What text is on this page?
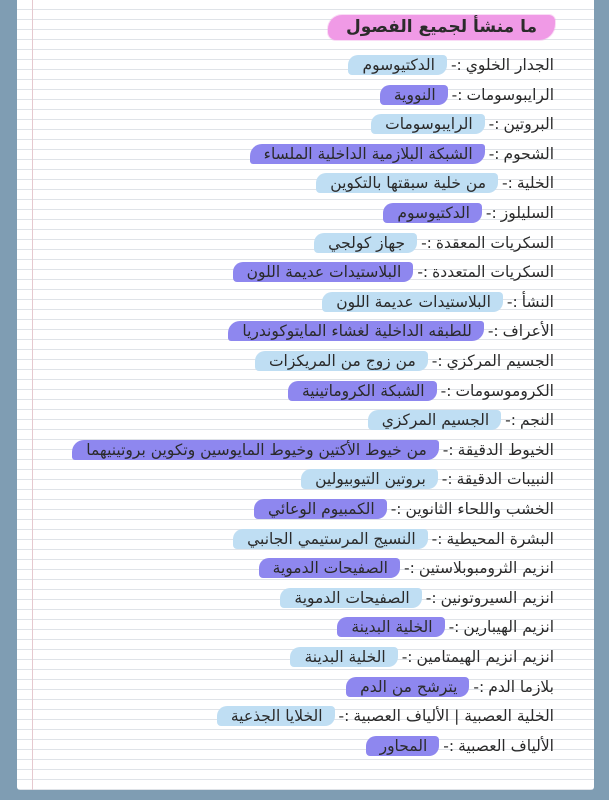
ما منشأ لجميع الفصول
الجدار الخلوي
:-
الدكتيوسوم
الرايبوسومات
:-
النووية
البروتين
:-
الرايبوسومات
الشحوم
:-
الشبكة البلازمية الداخلية الملساء
الخلية
:-
من خلية سبقتها بالتكوين
السليلوز
:-
الدكتيوسوم
السكريات المعقدة
:-
جهاز كولجي
السكريات المتعددة
:-
البلاستيدات عديمة اللون
النشأ
:-
البلاستيدات عديمة اللون
الأعراف
:-
للطبقه الداخلية لغشاء المايتوكوندريا
الجسيم المركزي
:-
من زوج من المريكزات
الكروموسومات
:-
الشبكة الكروماتينية
النجم
:-
الجسيم المركزي
الخيوط الدقيقة
:-
من خيوط الأكتين وخيوط المايوسين وتكوين بروتينيهما
النبيبات الدقيقة
:-
بروتين التيوبيولين
الخشب واللحاء الثانوين
:-
الكمبيوم الوعائي
البشرة المحيطية
:-
النسيج المرستيمي الجانبي
انزيم الثرومبوبلاستين
:-
الصفيحات الدموية
انزيم السيروتونين
:-
الصفيحات الدموية
انزيم الهيبارين
:-
الخلية البدينة
انزيم انزيم الهيمتامين
:-
الخلية البدينة
بلازما الدم
:-
يترشح من الدم
الخلية العصبية | الألياف العصبية
:-
الخلايا الجذعية
الألياف العصبية
:-
المحاور
